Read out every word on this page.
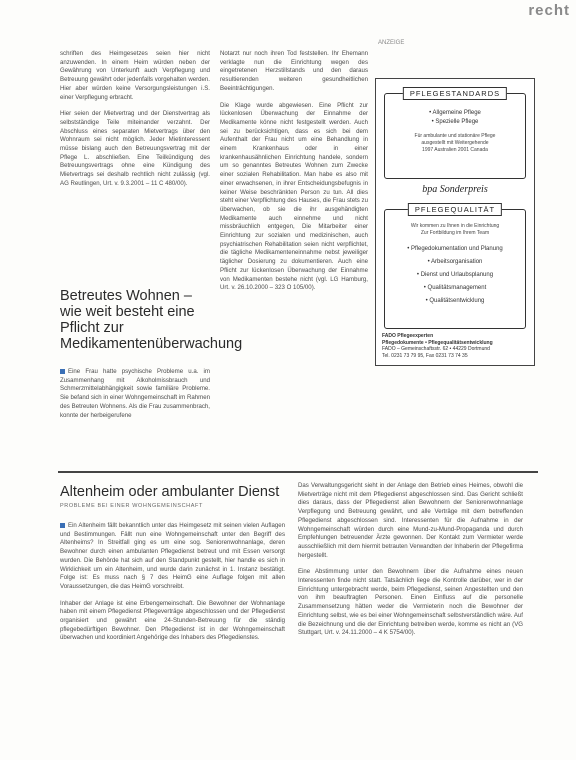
recht

schriften des Heimgesetzes seien hier nicht anzuwenden. In einem Heim würden neben der Gewährung von Unterkunft auch Verpflegung und Betreuung gewährt oder jedenfalls vorgehalten werden. Hier aber würden keine Versorgungsleistungen i.S. einer Verpflegung erbracht.

Hier seien der Mietvertrag und der Dienstvertrag als selbstständige Teile miteinander verzahnt. Der Abschluss eines separaten Mietvertrags über den Wohnraum sei nicht möglich. Jeder Mietinteressent müsse bislang auch den Betreuungsvertrag mit der Pflege L. abschließen. Eine Teilkündigung des Betreuungsvertrags ohne eine Kündigung des Mietvertrags sei deshalb rechtlich nicht zulässig (vgl. AG Reutlingen, Urt. v. 9.3.2001 – 11 C 480/00).

Betreutes Wohnen – wie weit besteht eine Pflicht zur Medikamentenüberwachung

Eine Frau hatte psychische Probleme u.a. im Zusammenhang mit Alkoholmissbrauch und Schmerzmittelabhängigkeit sowie familiäre Probleme. Sie befand sich in einer Wohngemeinschaft im Rahmen des Betreuten Wohnens. Als die Frau zusammenbrach, konnte der herbeigerufene

Notarzt nur noch ihren Tod feststellen. Ihr Ehemann verklagte nun die Einrichtung wegen des eingetretenen Herzstillstands und den daraus resultierenden weiteren gesundheitlichen Beeinträchtigungen.

Die Klage wurde abgewiesen. Eine Pflicht zur lückenlosen Überwachung der Einnahme der Medikamente könne nicht festgestellt werden. Auch sei zu berücksichtigen, dass es sich bei dem Aufenthalt der Frau nicht um eine Behandlung in einem Krankenhaus oder in einer krankenhausähnlichen Einrichtung handele, sondern um so genanntes Betreutes Wohnen zum Zwecke einer sozialen Rehabilitation. Man habe es also mit einer erwachsenen, in ihrer Entscheidungsbefugnis in keiner Weise beschränkten Person zu tun. All dies steht einer Verpflichtung des Hauses, die Frau stets zu überwachen, ob sie die ihr ausgehändigten Medikamente auch einnehme und nicht missbräuchlich entgegen, Die Mitarbeiter einer Einrichtung zur sozialen und medizinischen, auch psychiatrischen Rehabilitation seien nicht verpflichtet, die tägliche Medikamenteneinnahme nebst jeweiliger täglicher Dosierung zu dokumentieren. Auch eine Pflicht zur lückenlosen Überwachung der Einnahme von Medikamenten bestehe nicht (vgl. LG Hamburg, Urt. v. 26.10.2000 – 323 O 105/00).

ANZEIGE
PFLEGESTANDARDS
• Allgemeine Pflege
• Spezielle Pflege
Für ambulante und stationäre Pflege
ausgestellt mit Weitergehende
1997 Australien 2001 Canada
bpa Sonderpreis
PFLEGEQUALITÄT
Wir kommen zu Ihnen in die Einrichtung
Zur Fortbildung im Ihrem Team
• Pflegedokumentation und Planung
• Arbeitsorganisation
• Dienst und Urlaubsplanung
• Qualitätsmanagement
• Qualitätsentwicklung
FADO Pflegeexperten
Pflegedokumente • Pflegequalitätsentwicklung
FADO – Gemeinschaftsstr. 62 • 44229 Dortmund
Tel. 0231 73 79 95, Fax 0231 73 74 35
Altenheim oder ambulanter Dienst
PROBLEME BEI EINER WOHNGEMEINSCHAFT

Ein Altenheim fällt bekanntlich unter das Heimgesetz mit seinen vielen Auflagen und Bestimmungen. Fällt nun eine Wohngemeinschaft unter den Begriff des Altenheims? In Streitfall ging es um eine sog. Seniorenwohnanlage, deren Bewohner durch einen ambulanten Pflegedienst betreut und mit Essen versorgt wurden. Die Behörde hat sich auf den Standpunkt gestellt, hier handle es sich in Wirklichkeit um ein Altenheim, und wurde darin zunächst in 1. Instanz bestätigt. Folge ist: Es muss nach § 7 des HeimG eine Auflage folgen mit allen Voraussetzungen, die das HeimG vorschreibt.

Inhaber der Anlage ist eine Erbengemeinschaft. Die Bewohner der Wohnanlage haben mit einem Pflegedienst Pflegeverträge abgeschlossen und der Pflegedienst organisiert und gewährt eine 24-Stunden-Betreuung für die ständig pflegebedürftigen Bewohner. Den Pflegedienst ist in der Wohngemeinschaft überwachen und koordiniert Angehörige des Inhabers des Pflegedienstes.

Das Verwaltungsgericht sieht in der Anlage den Betrieb eines Heimes, obwohl die Mietverträge nicht mit dem Pflegedienst abgeschlossen sind. Das Gericht schließt dies daraus, dass der Pflegedienst allen Bewohnern der Seniorenwohnanlage Verpflegung und Betreuung gewährt, und alle Verträge mit dem betreffenden Pflegedienst abgeschlossen sind. Interessenten für die Aufnahme in der Wohngemeinschaft würden durch eine Mund-zu-Mund-Propaganda und durch Empfehlungen betreuender Ärzte gewonnen. Der Kontakt zum Vermieter werde ausschließlich mit dem hiermit betrauten Verwandten der Inhaberin der Pflegefirma hergestellt.

Eine Abstimmung unter den Bewohnern über die Aufnahme eines neuen Interessenten finde nicht statt. Tatsächlich liege die Kontrolle darüber, wer in der Einrichtung untergebracht werde, beim Pflegedienst, seinen Angestellten und den von ihm beauftragten Personen. Einen Einfluss auf die personelle Zusammensetzung hätten weder die Vermieterin noch die Bewohner der Einrichtung selbst, wie es bei einer Wohngemeinschaft selbstverständlich wäre. Auf die Bezeichnung und die der Einrichtung betreiben werde, komme es nicht an (VG Stuttgart, Urt. v. 24.11.2000 – 4 K 5754/00).
